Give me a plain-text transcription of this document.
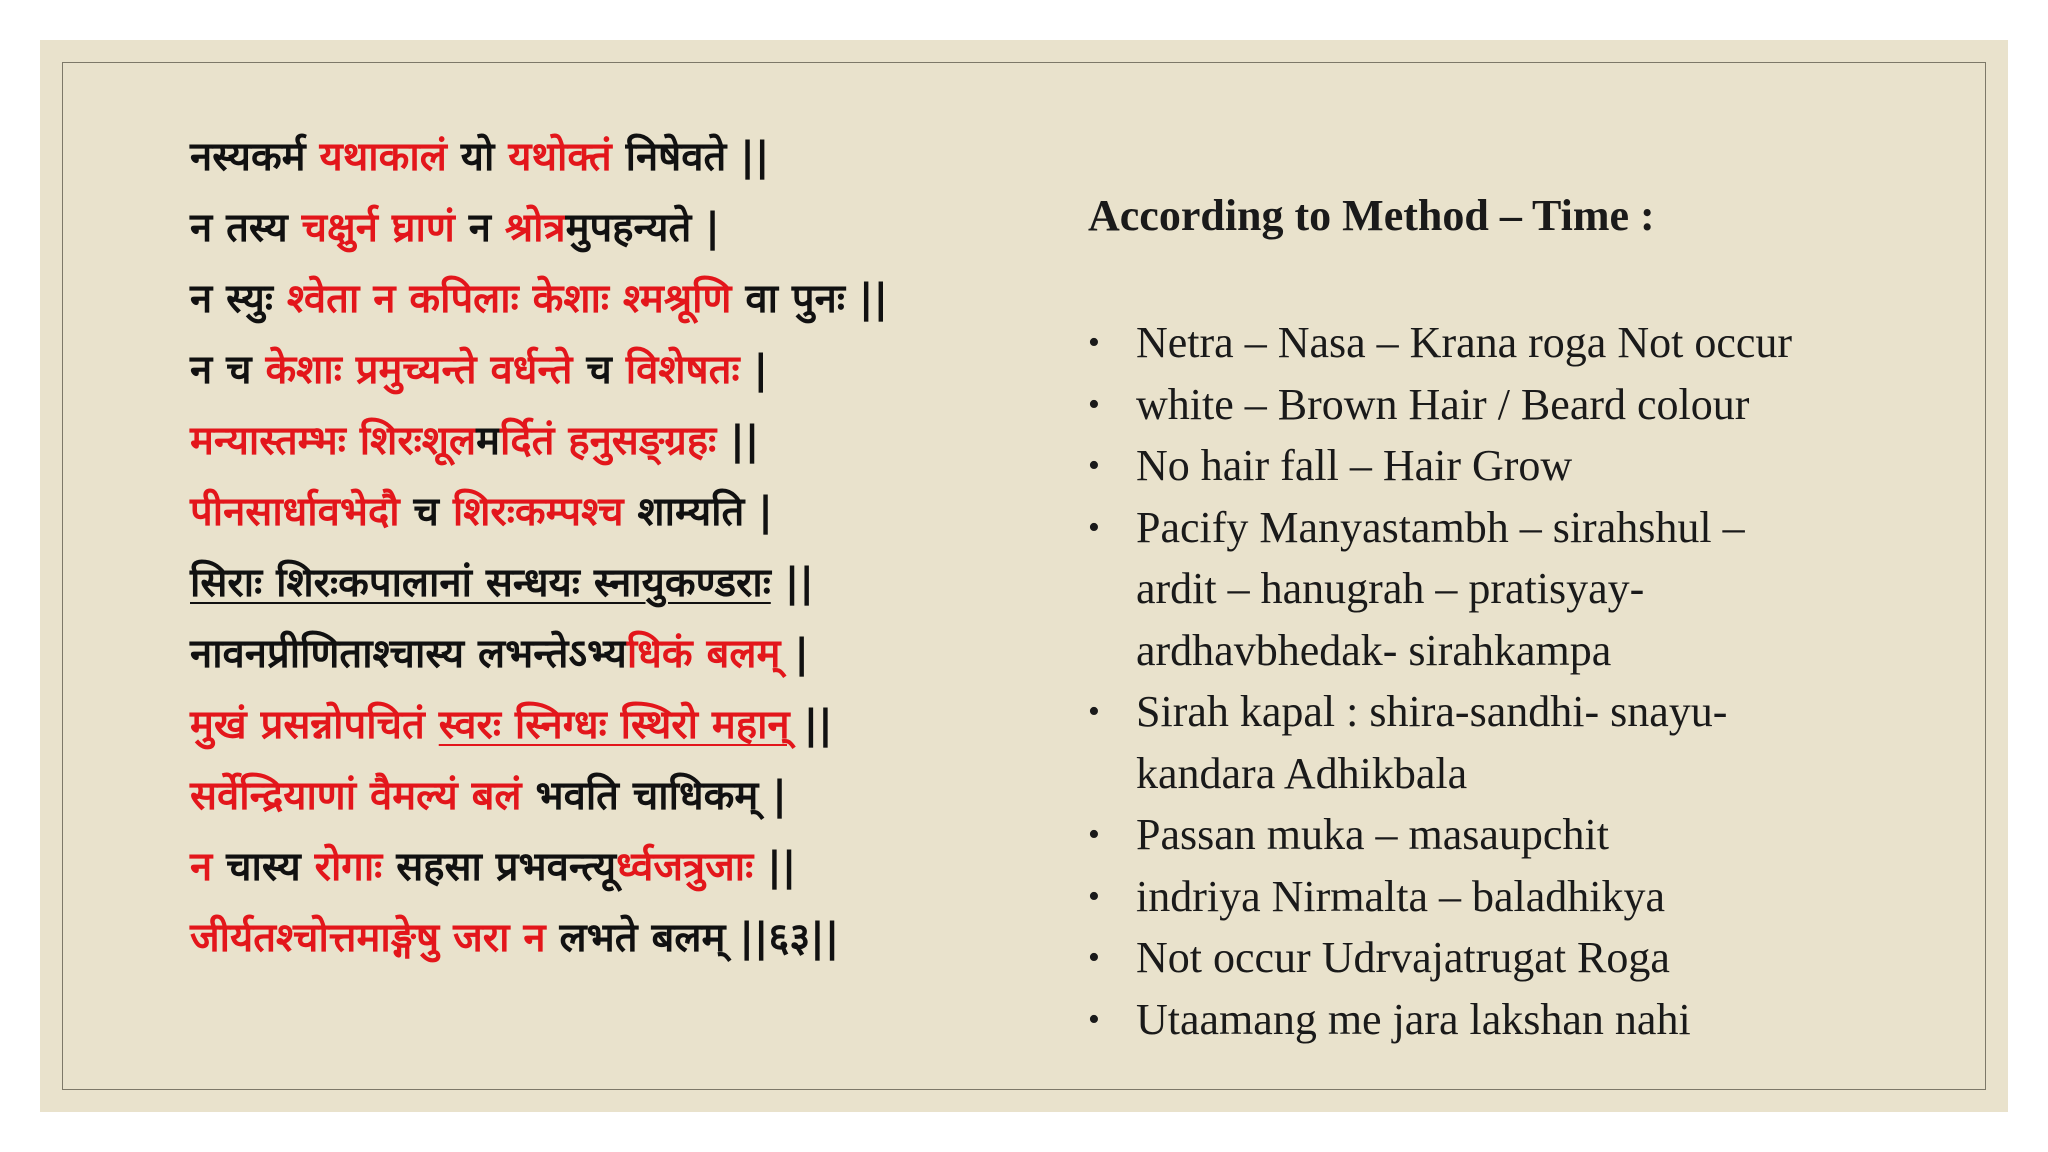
नस्यकर्म यथाकालं यो यथोक्तं निषेवते ||
न तस्य चक्षुर्न घ्राणं न श्रोत्रमुपहन्यते |
न स्युः श्वेता न कपिलाः केशाः श्मश्रूणि वा पुनः ||
न च केशाः प्रमुच्यन्ते वर्धन्ते च विशेषतः |
मन्यास्तम्भः शिरःशूलमर्दितं हनुसङ्ग्रहः ||
पीनसार्धावभेदौ च शिरःकम्पश्च शाम्यति |
सिराः शिरःकपालानां सन्धयः स्नायुकण्डराः ||
नावनप्रीणिताश्चास्य लभन्तेऽभ्यधिकं बलम् |
मुखं प्रसन्नोपचितं स्वरः स्निग्धः स्थिरो महान् ||
सर्वेन्द्रियाणां वैमल्यं बलं भवति चाधिकम् |
न चास्य रोगाः सहसा प्रभवन्त्यूर्ध्वजत्रुजाः ||
जीर्यतश्चोत्तमाङ्गेषु जरा न लभते बलम् ||६३||
According to Method – Time :
• Netra – Nasa – Krana roga Not occur
• white – Brown Hair / Beard colour
• No hair fall – Hair Grow
• Pacify Manyastambh – sirahshul –
ardit – hanugrah – pratisyay-
ardhavbhedak- sirahkampa
• Sirah kapal : shira-sandhi- snayu-
kandara Adhikbala
• Passan muka – masaupchit
• indriya Nirmalta – baladhikya
• Not occur Udrvajatrugat Roga
• Utaamang me jara lakshan nahi
